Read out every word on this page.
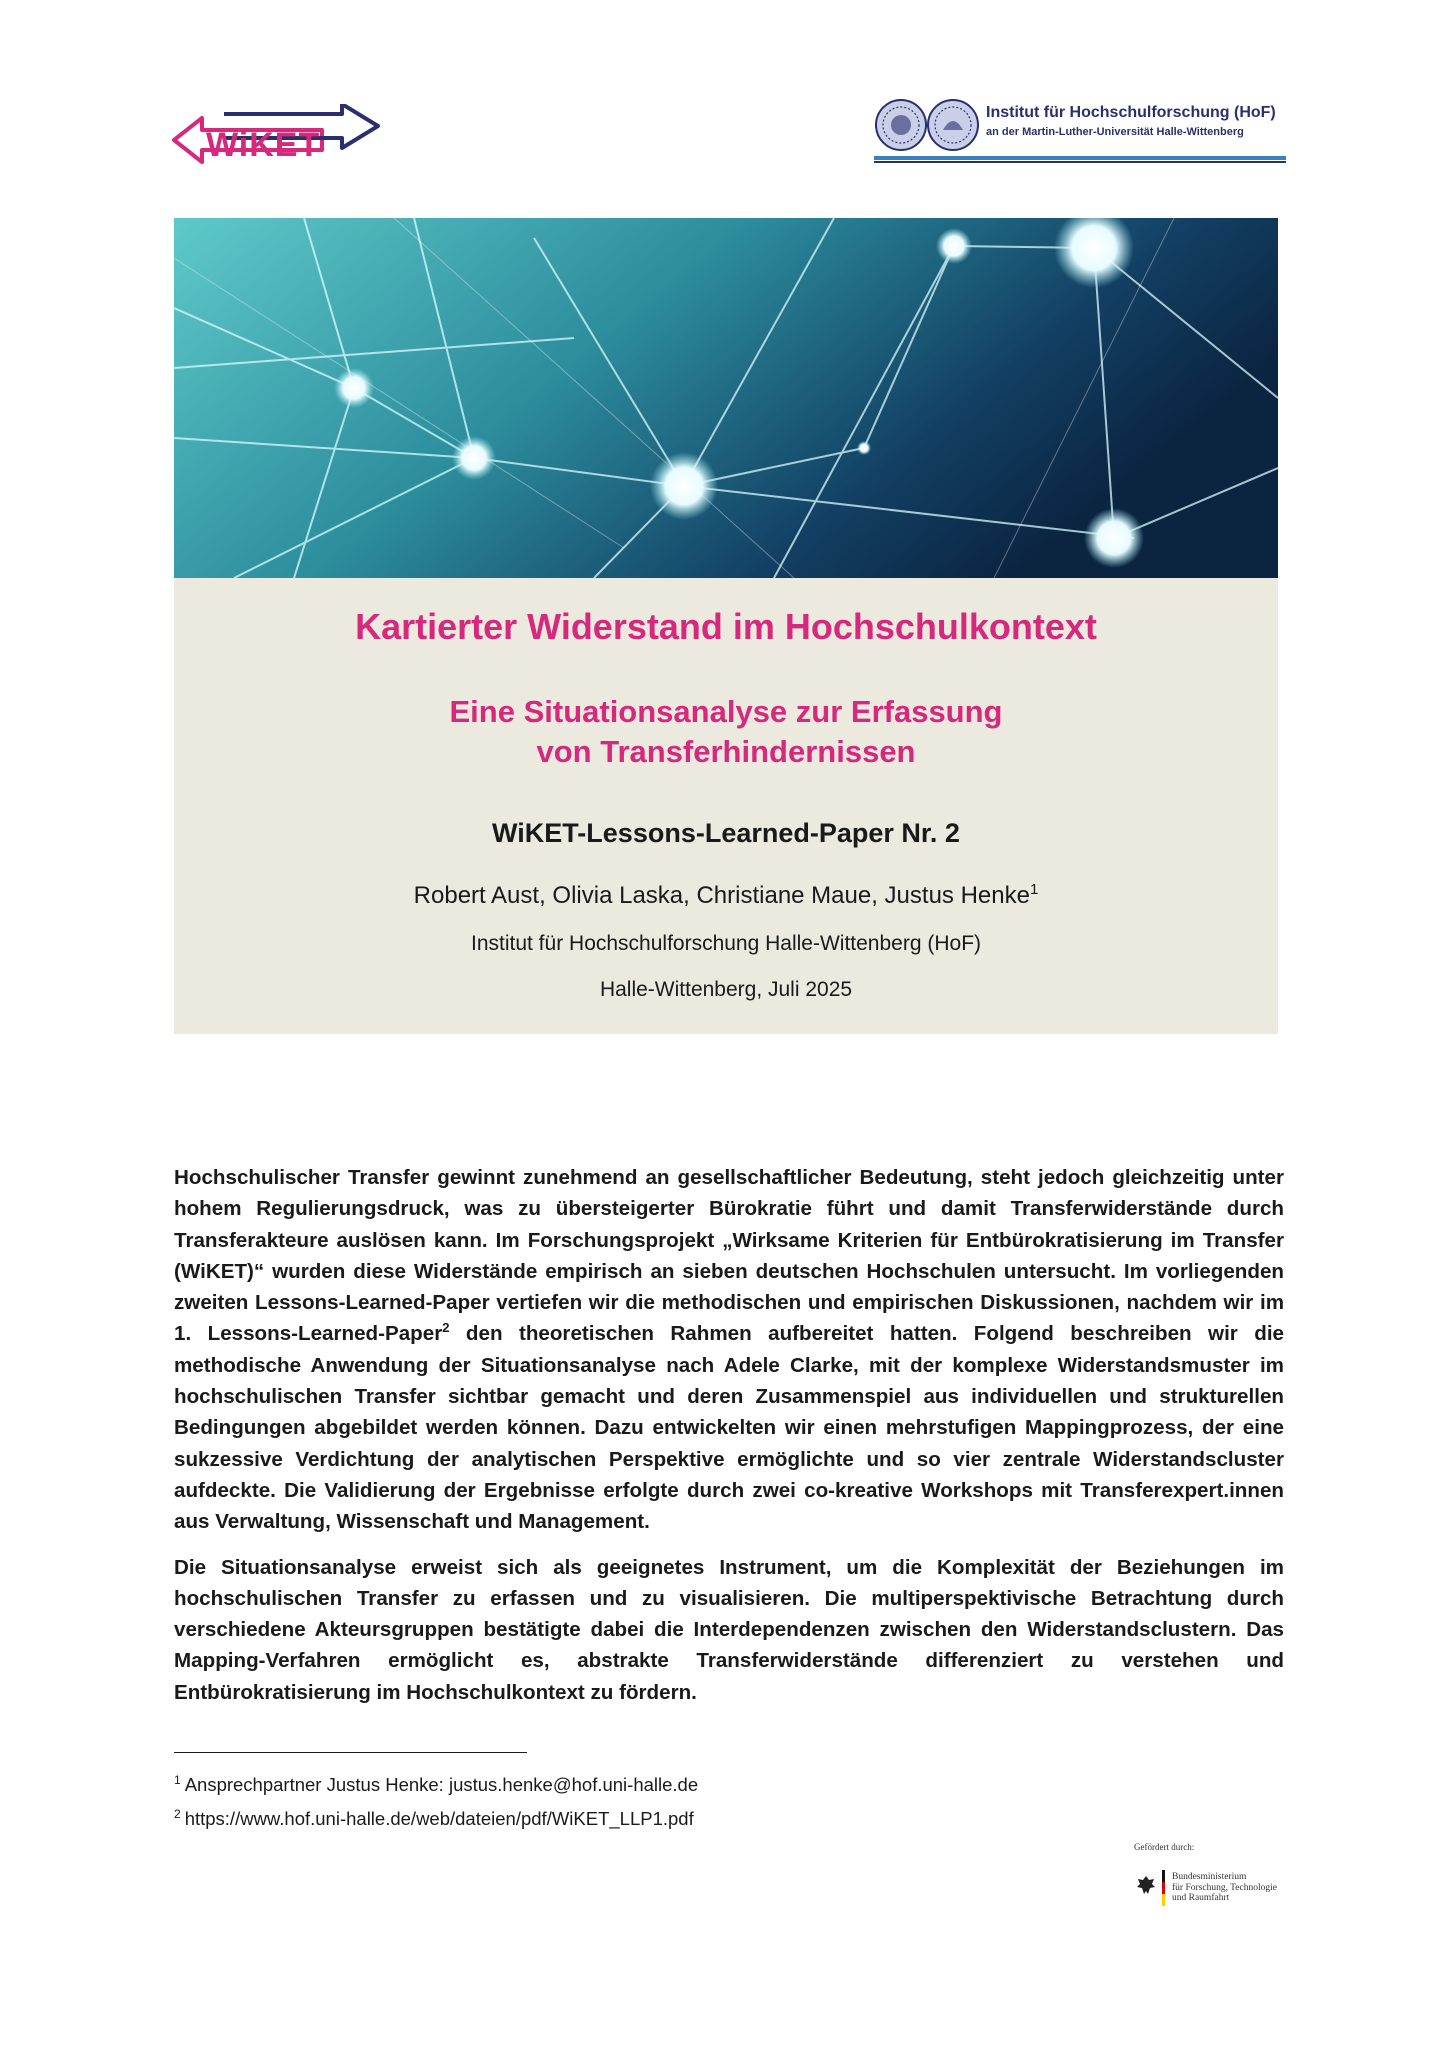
WiKET
Institut für Hochschulforschung (HoF)
an der Martin-Luther-Universität Halle-Wittenberg
Kartierter Widerstand im Hochschulkontext
Eine Situationsanalyse zur Erfassung
von Transferhindernissen
WiKET-Lessons-Learned-Paper Nr. 2
Robert Aust, Olivia Laska, Christiane Maue, Justus Henke$^1$
Institut für Hochschulforschung Halle-Wittenberg (HoF)
Halle-Wittenberg, Juli 2025

Hochschulischer Transfer gewinnt zunehmend an gesellschaftlicher Bedeutung, steht jedoch gleichzeitig unter hohem Regulierungsdruck, was zu übersteigerter Bürokratie führt und damit Transferwiderstände durch Transferakteure auslösen kann. Im Forschungsprojekt „Wirksame Kriterien für Entbürokratisierung im Transfer (WiKET)“ wurden diese Widerstände empirisch an sieben deutschen Hochschulen untersucht. Im vorliegenden zweiten Lessons-Learned-Paper vertiefen wir die methodischen und empirischen Diskussionen, nachdem wir im 1. Lessons-Learned-Paper$^2$ den theoretischen Rahmen aufbereitet hatten. Folgend beschreiben wir die methodische Anwendung der Situationsanalyse nach Adele Clarke, mit der komplexe Widerstandsmuster im hochschulischen Transfer sichtbar gemacht und deren Zusammenspiel aus individuellen und strukturellen Bedingungen abgebildet werden können. Dazu entwickelten wir einen mehrstufigen Mappingprozess, der eine sukzessive Verdichtung der analytischen Perspektive ermöglichte und so vier zentrale Widerstandscluster aufdeckte. Die Validierung der Ergebnisse erfolgte durch zwei co-kreative Workshops mit Transferexpert.innen aus Verwaltung, Wissenschaft und Management.

Die Situationsanalyse erweist sich als geeignetes Instrument, um die Komplexität der Beziehungen im hochschulischen Transfer zu erfassen und zu visualisieren. Die multiperspektivische Betrachtung durch verschiedene Akteursgruppen bestätigte dabei die Interdependenzen zwischen den Widerstandsclustern. Das Mapping-Verfahren ermöglicht es, abstrakte Transferwiderstände differenziert zu verstehen und Entbürokratisierung im Hochschulkontext zu fördern.

$^1$ Ansprechpartner Justus Henke: justus.henke@hof.uni-halle.de
$^2$ https://www.hof.uni-halle.de/web/dateien/pdf/WiKET_LLP1.pdf
Gefördert durch:
Bundesministerium
für Forschung, Technologie
und Raumfahrt
